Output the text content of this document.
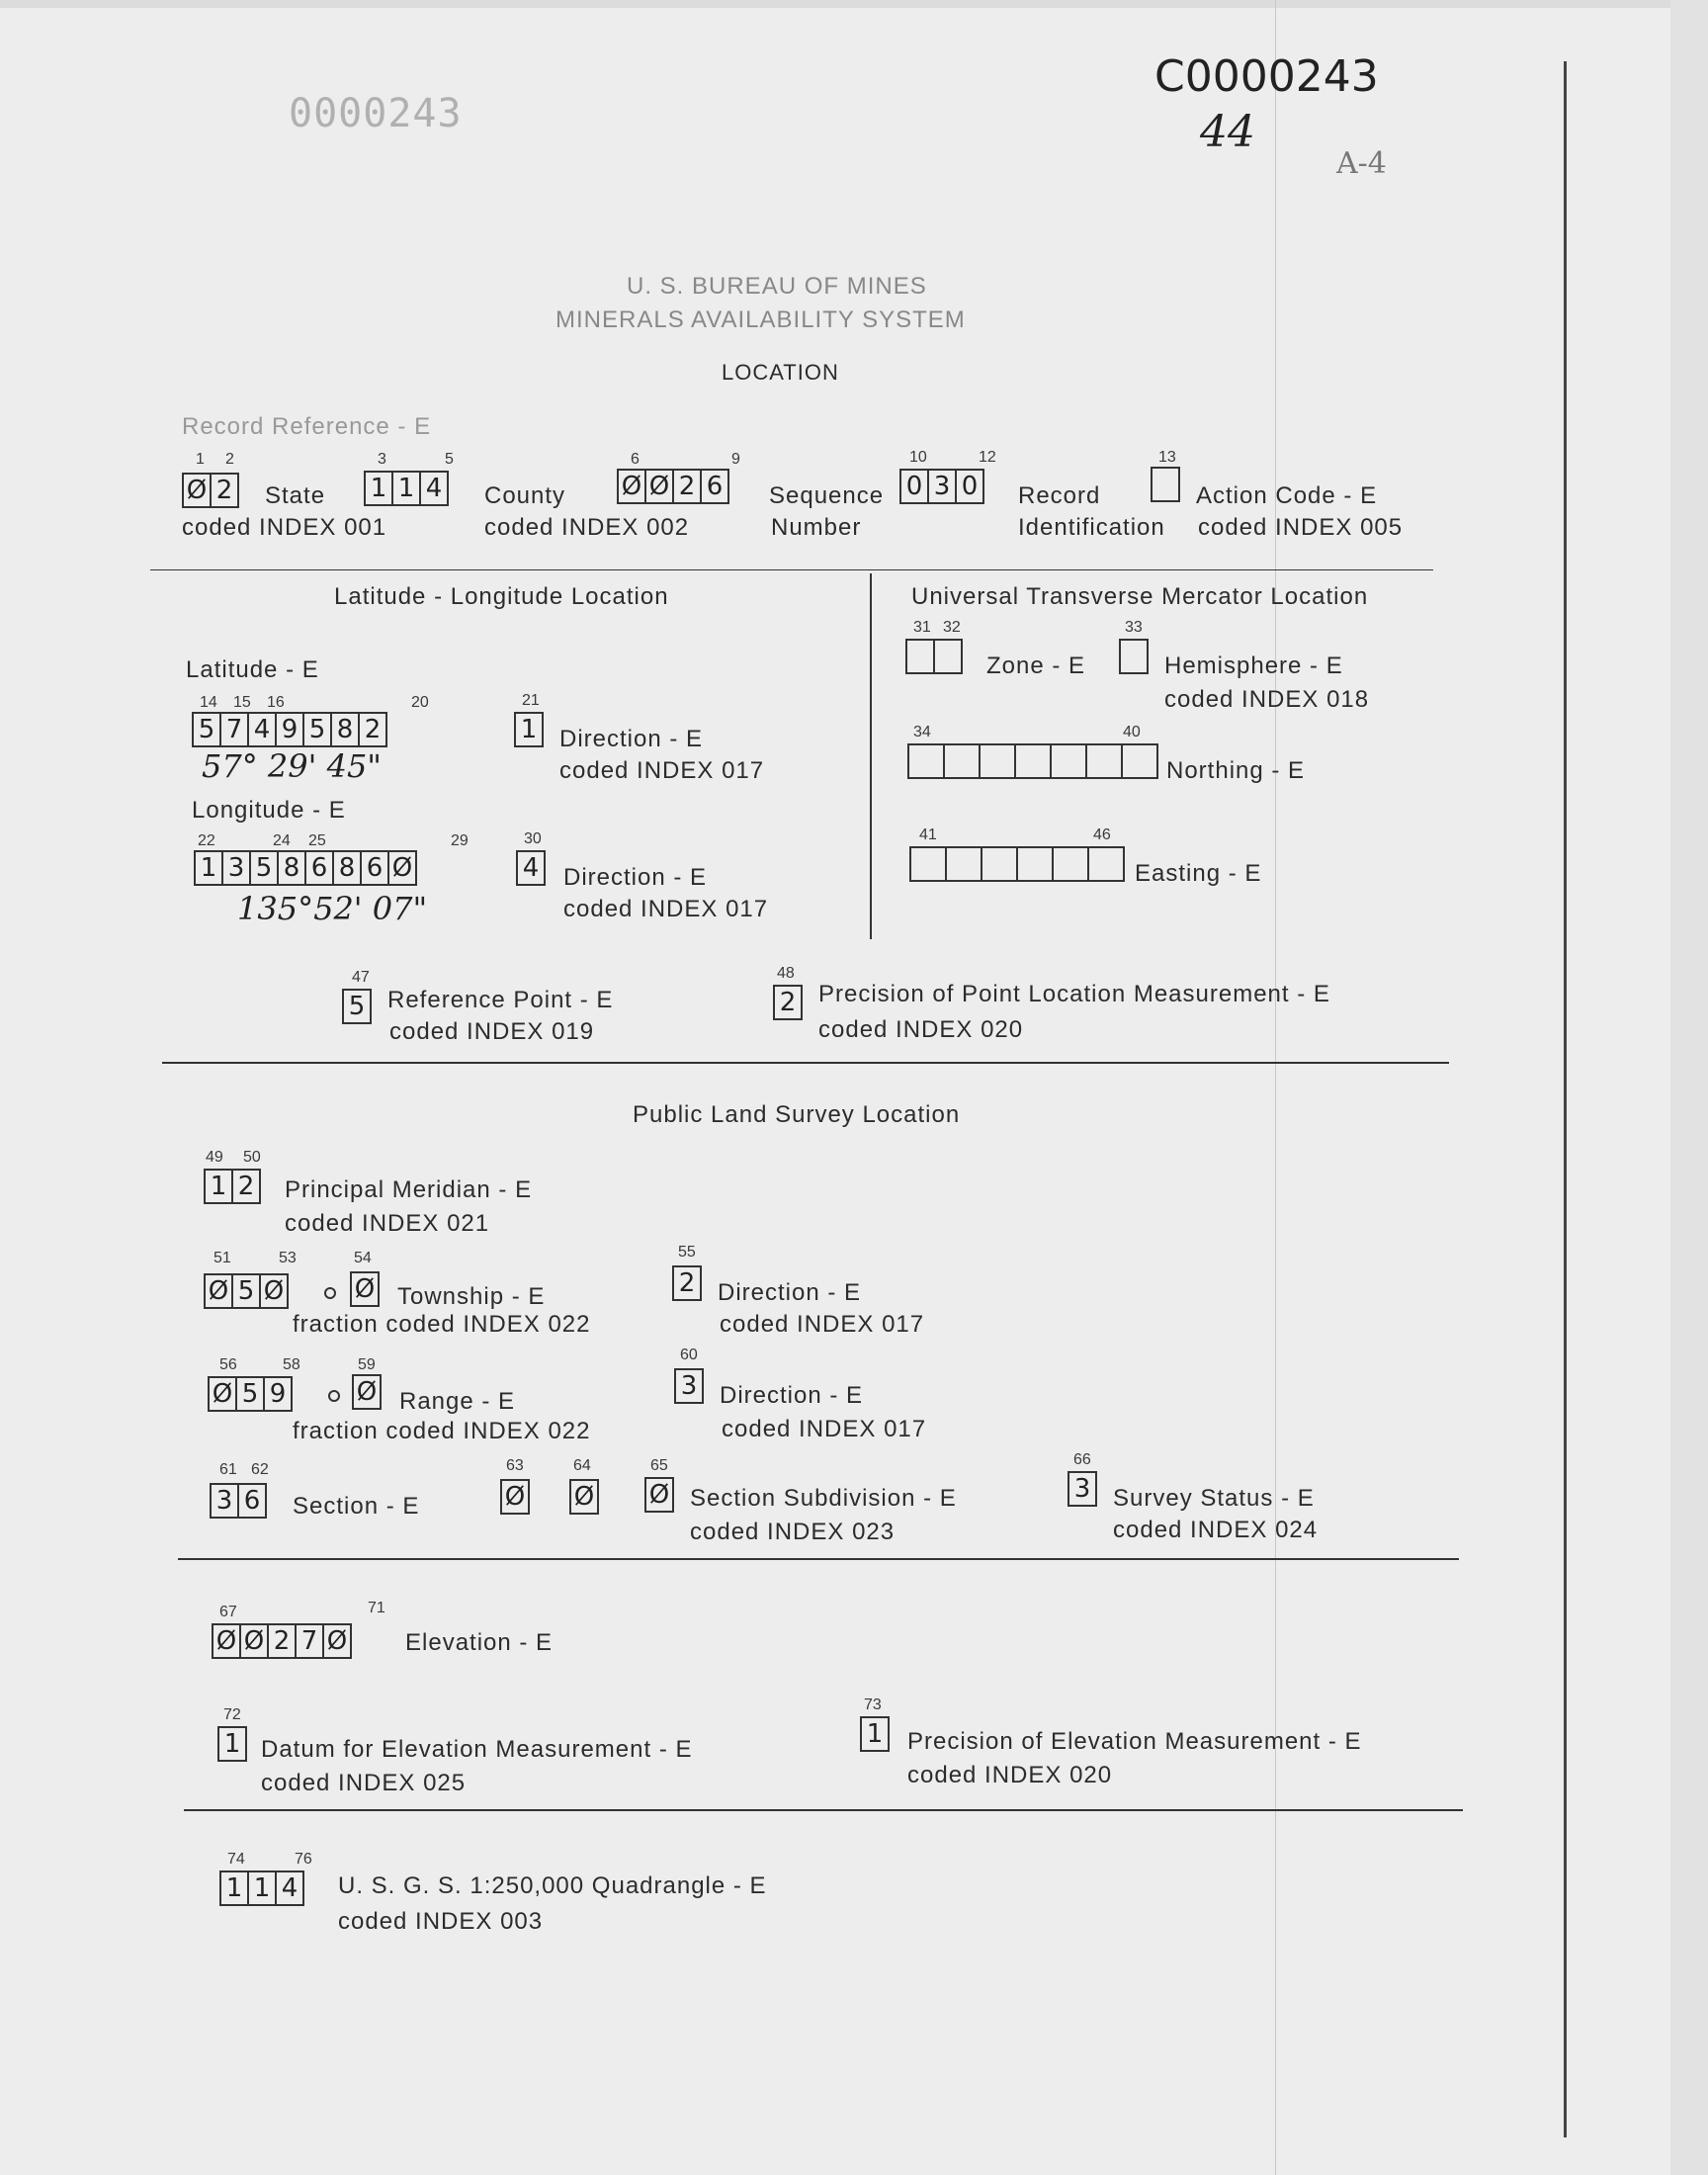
C0000243
44
A-4
0000243
U. S. BUREAU OF MINES
MINERALS AVAILABILITY SYSTEM
LOCATION
Record Reference - E
1 2
Ø 2 State
coded INDEX 001
3	5
1 1 4 County
coded INDEX 002
6	9
Ø Ø 2 6 Sequence
Number
10	12
0 3 0 Record
Identification
13
Action Code - E
coded INDEX 005
Latitude - Longitude Location
Latitude - E
14 15 16	20
5 7 4 9 5 8 2
57° 29' 45"
21
1 Direction - E
coded INDEX 017
Longitude - E
22	24 25	29
1 3 5 8 6 8 6 Ø
135°52' 07"
30
4 Direction - E
coded INDEX 017
Universal Transverse Mercator Location
31 32
Zone - E
33
Hemisphere - E
coded INDEX 018
34	40
Northing - E
41	46
Easting - E
47
5 Reference Point - E
coded INDEX 019
48
2 Precision of Point Location Measurement - E
coded INDEX 020
Public Land Survey Location
49 50
1 2 Principal Meridian - E
coded INDEX 021
51	53	54
Ø 5 Ø	Ø Township - E
fraction coded INDEX 022
55
2 Direction - E
coded INDEX 017
56	58	59
Ø 5 9	Ø Range - E
fraction coded INDEX 022
60
3 Direction - E
coded INDEX 017
61 62
3 6 Section - E
63
Ø
64
Ø
65
Ø Section Subdivision - E
coded INDEX 023
66
3 Survey Status - E
coded INDEX 024
67	71
Ø Ø 2 7 Ø Elevation - E
72
1 Datum for Elevation Measurement - E
coded INDEX 025
73
1 Precision of Elevation Measurement - E
coded INDEX 020
74	76
1 1 4 U. S. G. S. 1:250,000 Quadrangle - E
coded INDEX 003
